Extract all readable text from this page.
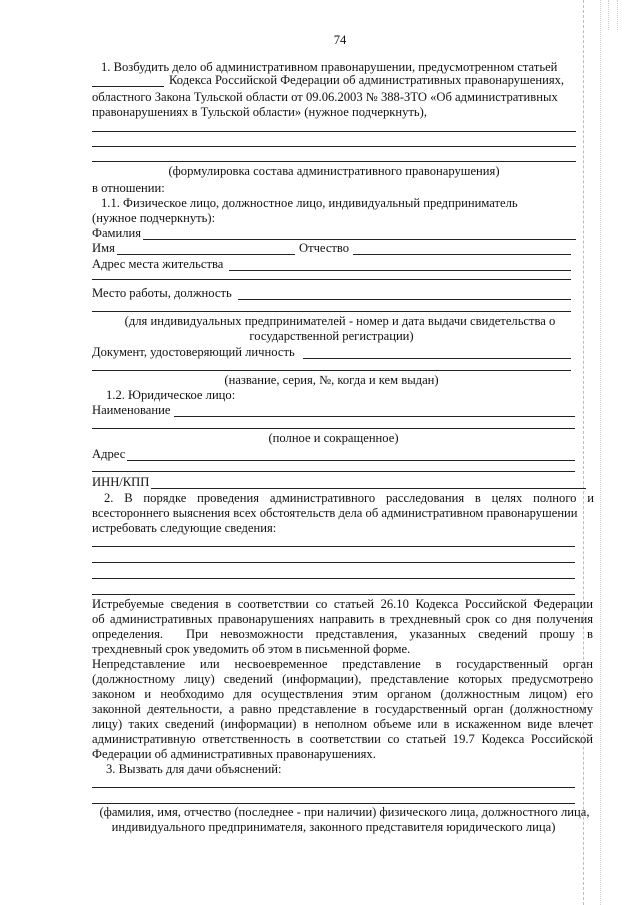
74
1. Возбудить дело об административном правонарушении, предусмотренном статьей
Кодекса Российской Федерации об административных правонарушениях,
областного Закона Тульской области от 09.06.2003 № 388-ЗТО «Об административных
правонарушениях в Тульской области» (нужное подчеркнуть),
(формулировка состава административного правонарушения)
в отношении:
1.1. Физическое лицо, должностное лицо, индивидуальный предприниматель
(нужное подчеркнуть):
Фамилия
Имя	Отчество
Адрес места жительства
Место работы, должность
(для индивидуальных предпринимателей - номер и дата выдачи свидетельства о
государственной регистрации)
Документ, удостоверяющий личность
(название, серия, №, когда и кем выдан)
1.2. Юридическое лицо:
Наименование
(полное и сокращенное)
Адрес
ИНН/КПП
2. В порядке проведения административного расследования в целях полного и
всестороннего выяснения всех обстоятельств дела об административном правонарушении
истребовать следующие сведения:
Истребуемые сведения в соответствии со статьей 26.10 Кодекса Российской Федерации
об административных правонарушениях направить в трехдневный срок со дня получения
определения. При невозможности представления, указанных сведений прошу в
трехдневный срок уведомить об этом в письменной форме.
Непредставление или несвоевременное представление в государственный орган
(должностному лицу) сведений (информации), представление которых предусмотрено
законом и необходимо для осуществления этим органом (должностным лицом) его
законной деятельности, а равно представление в государственный орган (должностному
лицу) таких сведений (информации) в неполном объеме или в искаженном виде влечет
административную ответственность в соответствии со статьей 19.7 Кодекса Российской
Федерации об административных правонарушениях.
3. Вызвать для дачи объяснений:
(фамилия, имя, отчество (последнее - при наличии) физического лица, должностного лица,
индивидуального предпринимателя, законного представителя юридического лица)
